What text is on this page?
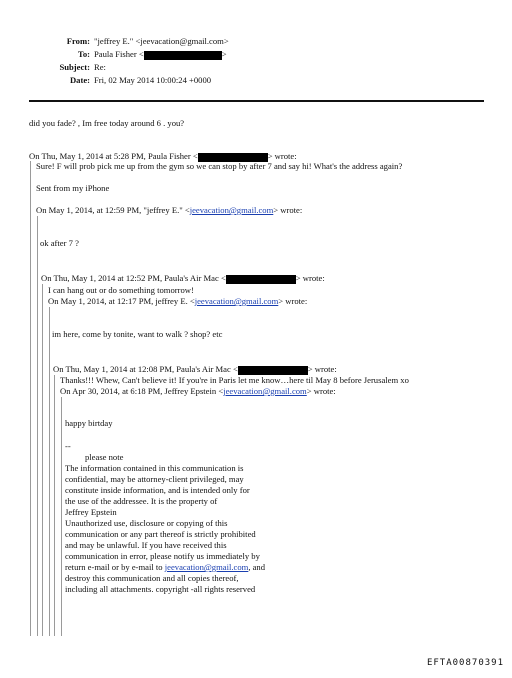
From: "jeffrey E." <jeevacation@gmail.com>
To: Paula Fisher <	>
Subject: Re:
Date: Fri, 02 May 2014 10:00:24 +0000
did you fade? , Im free today around 6 . you?
On Thu, May 1, 2014 at 5:28 PM, Paula Fisher <	> wrote:
Sure! F will prob pick me up from the gym so we can stop by after 7 and say hi! What's the address again?
Sent from my iPhone
On May 1, 2014, at 12:59 PM, "jeffrey E." <jeevacation@gmail.com> wrote:
ok after 7 ?
On Thu, May 1, 2014 at 12:52 PM, Paula's Air Mac <	> wrote:
I can hang out or do something tomorrow!
On May 1, 2014, at 12:17 PM, jeffrey E. <jeevacation@gmail.com> wrote:
im here, come by tonite, want to walk ? shop? etc
On Thu, May 1, 2014 at 12:08 PM, Paula's Air Mac <	> wrote:
Thanks!!! Whew, Can't believe it! If you're in Paris let me know…here til May 8 before Jerusalem xo
On Apr 30, 2014, at 6:18 PM, Jeffrey Epstein <jeevacation@gmail.com> wrote:
happy birtday
--
please note
The information contained in this communication is
confidential, may be attorney-client privileged, may
constitute inside information, and is intended only for
the use of the addressee. It is the property of
Jeffrey Epstein
Unauthorized use, disclosure or copying of this
communication or any part thereof is strictly prohibited
and may be unlawful. If you have received this
communication in error, please notify us immediately by
return e-mail or by e-mail to jeevacation@gmail.com, and
destroy this communication and all copies thereof,
including all attachments. copyright -all rights reserved
EFTA00870391
